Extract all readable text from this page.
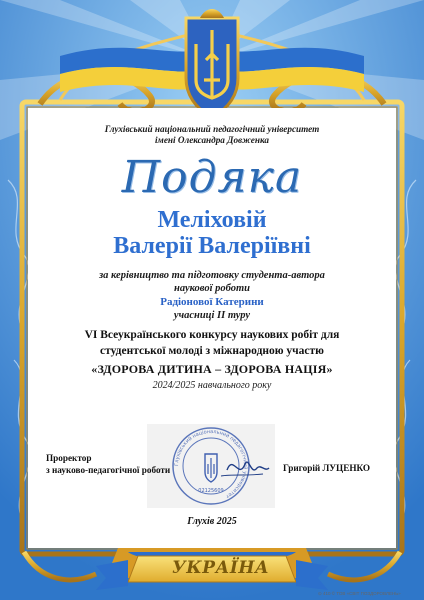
Глухівський національний педагогічний університет
імені Олександра Довженка
Подяка
Меліховій
Валерії Валеріївні
за керівництво та підготовку студента-автора
наукової роботи
Радіонової Катерини
учасниці ІІ туру
VІ Всеукраїнського конкурсу наукових робіт для
студентської молоді з міжнародною участю
«ЗДОРОВА ДИТИНА – ЗДОРОВА НАЦІЯ»
2024/2025 навчального року
Глухівський національний педагогічний університет
02125609
Проректор
з науково-педагогічної роботи	Григорій ЛУЦЕНКО
Глухів 2025
УКРАЇНА
⊙ 410 © ТОВ «СВІТ ПОЗДОРОВЛЕНЬ»
